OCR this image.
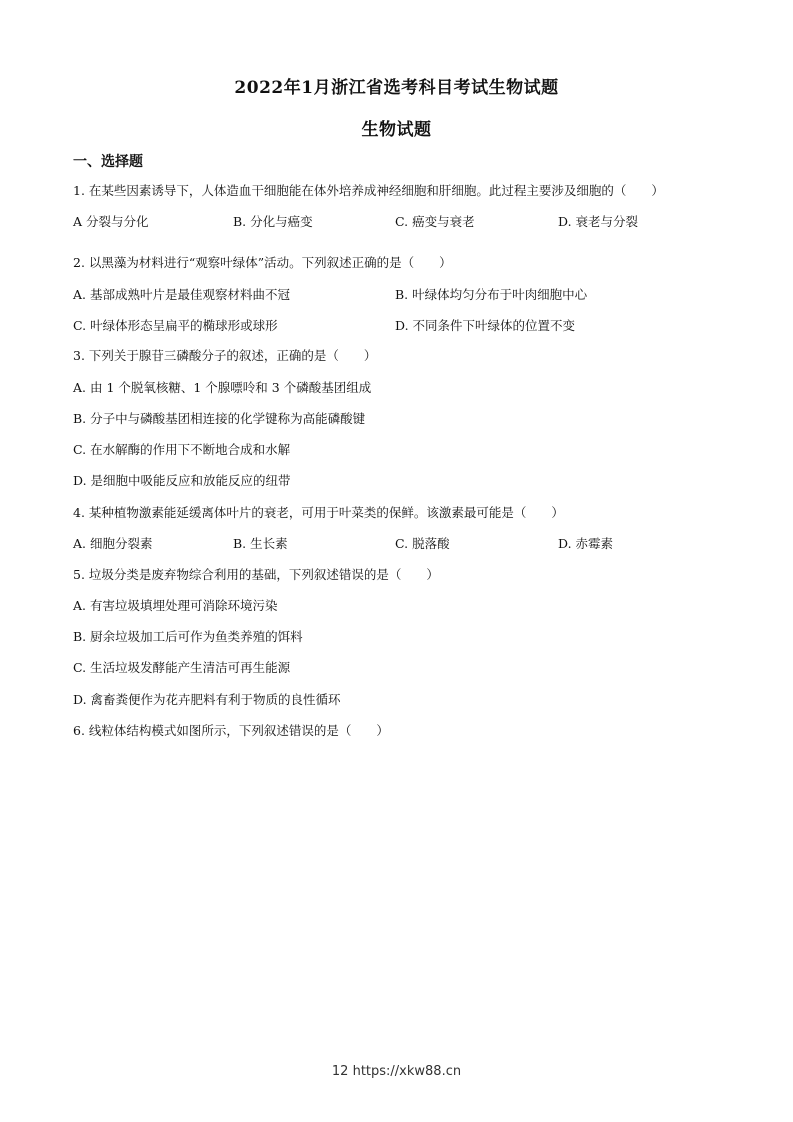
2022年1月浙江省选考科目考试生物试题
生物试题
一、选择题
1. 在某些因素诱导下，人体造血干细胞能在体外培养成神经细胞和肝细胞。此过程主要涉及细胞的（　　）
A 分裂与分化	B. 分化与癌变	C. 癌变与衰老	D. 衰老与分裂
2. 以黑藻为材料进行“观察叶绿体”活动。下列叙述正确的是（　　）
A. 基部成熟叶片是最佳观察材料曲不冠	B. 叶绿体均匀分布于叶肉细胞中心
C. 叶绿体形态呈扁平的椭球形或球形	D. 不同条件下叶绿体的位置不变
3. 下列关于腺苷三磷酸分子的叙述，正确的是（　　）
A. 由 1 个脱氧核糖、1 个腺嘌呤和 3 个磷酸基团组成
B. 分子中与磷酸基团相连接的化学键称为高能磷酸键
C. 在水解酶的作用下不断地合成和水解
D. 是细胞中吸能反应和放能反应的纽带
4. 某种植物激素能延缓离体叶片的衰老，可用于叶菜类的保鲜。该激素最可能是（　　）
A. 细胞分裂素	B. 生长素	C. 脱落酸	D. 赤霉素
5. 垃圾分类是废弃物综合利用的基础，下列叙述错误的是（　　）
A. 有害垃圾填埋处理可消除环境污染
B. 厨余垃圾加工后可作为鱼类养殖的饵料
C. 生活垃圾发酵能产生清洁可再生能源
D. 禽畜粪便作为花卉肥料有利于物质的良性循环
6. 线粒体结构模式如图所示，下列叙述错误的是（　　）
12 https://xkw88.cn
